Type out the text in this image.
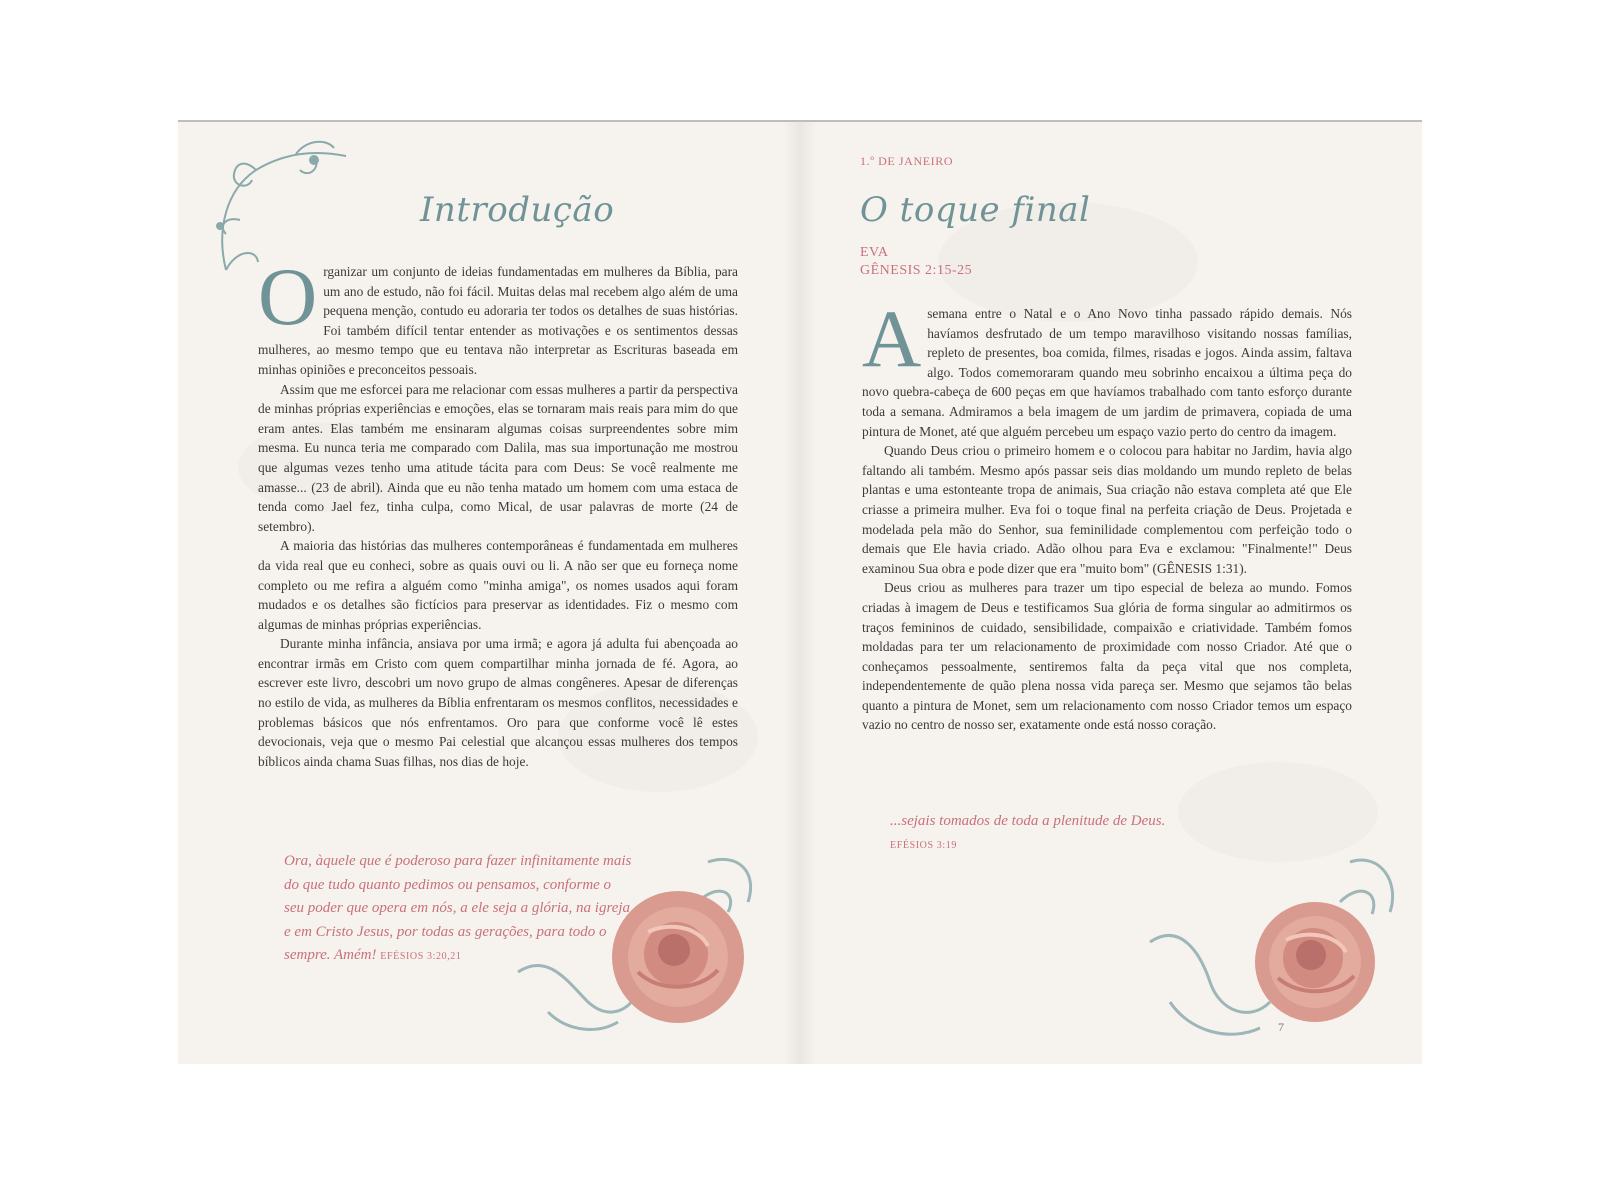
Introdução

Organizar um conjunto de ideias fundamentadas em mulheres da Bíblia, para um ano de estudo, não foi fácil. Muitas delas mal recebem algo além de uma pequena menção, contudo eu adoraria ter todos os detalhes de suas histórias. Foi também difícil tentar entender as motivações e os sentimentos dessas mulheres, ao mesmo tempo que eu tentava não interpretar as Escrituras baseada em minhas opiniões e preconceitos pessoais.

Assim que me esforcei para me relacionar com essas mulheres a partir da perspectiva de minhas próprias experiências e emoções, elas se tornaram mais reais para mim do que eram antes. Elas também me ensinaram algumas coisas surpreendentes sobre mim mesma. Eu nunca teria me comparado com Dalila, mas sua importunação me mostrou que algumas vezes tenho uma atitude tácita para com Deus: Se você realmente me amasse... (23 de abril). Ainda que eu não tenha matado um homem com uma estaca de tenda como Jael fez, tinha culpa, como Mical, de usar palavras de morte (24 de setembro).

A maioria das histórias das mulheres contemporâneas é fundamentada em mulheres da vida real que eu conheci, sobre as quais ouvi ou li. A não ser que eu forneça nome completo ou me refira a alguém como "minha amiga", os nomes usados aqui foram mudados e os detalhes são fictícios para preservar as identidades. Fiz o mesmo com algumas de minhas próprias experiências.

Durante minha infância, ansiava por uma irmã; e agora já adulta fui abençoada ao encontrar irmãs em Cristo com quem compartilhar minha jornada de fé. Agora, ao escrever este livro, descobri um novo grupo de almas congêneres. Apesar de diferenças no estilo de vida, as mulheres da Bíblia enfrentaram os mesmos conflitos, necessidades e problemas básicos que nós enfrentamos. Oro para que conforme você lê estes devocionais, veja que o mesmo Pai celestial que alcançou essas mulheres dos tempos bíblicos ainda chama Suas filhas, nos dias de hoje.

Ora, àquele que é poderoso para fazer infinitamente mais do que tudo quanto pedimos ou pensamos, conforme o seu poder que opera em nós, a ele seja a glória, na igreja e em Cristo Jesus, por todas as gerações, para todo o sempre. Amém! EFÉSIOS 3:20,21
1.º DE JANEIRO
O toque final
EVA
GÊNESIS 2:15-25

Asemana entre o Natal e o Ano Novo tinha passado rápido demais. Nós havíamos desfrutado de um tempo maravilhoso visitando nossas famílias, repleto de presentes, boa comida, filmes, risadas e jogos. Ainda assim, faltava algo. Todos comemoraram quando meu sobrinho encaixou a última peça do novo quebra-cabeça de 600 peças em que havíamos trabalhado com tanto esforço durante toda a semana. Admiramos a bela imagem de um jardim de primavera, copiada de uma pintura de Monet, até que alguém percebeu um espaço vazio perto do centro da imagem.

Quando Deus criou o primeiro homem e o colocou para habitar no Jardim, havia algo faltando ali também. Mesmo após passar seis dias moldando um mundo repleto de belas plantas e uma estonteante tropa de animais, Sua criação não estava completa até que Ele criasse a primeira mulher. Eva foi o toque final na perfeita criação de Deus. Projetada e modelada pela mão do Senhor, sua feminilidade complementou com perfeição todo o demais que Ele havia criado. Adão olhou para Eva e exclamou: "Finalmente!" Deus examinou Sua obra e pode dizer que era "muito bom" (GÊNESIS 1:31).

Deus criou as mulheres para trazer um tipo especial de beleza ao mundo. Fomos criadas à imagem de Deus e testificamos Sua glória de forma singular ao admitirmos os traços femininos de cuidado, sensibilidade, compaixão e criatividade. Também fomos moldadas para ter um relacionamento de proximidade com nosso Criador. Até que o conheçamos pessoalmente, sentiremos falta da peça vital que nos completa, independentemente de quão plena nossa vida pareça ser. Mesmo que sejamos tão belas quanto a pintura de Monet, sem um relacionamento com nosso Criador temos um espaço vazio no centro de nosso ser, exatamente onde está nosso coração.

...sejais tomados de toda a plenitude de Deus.
EFÉSIOS 3:19
7
